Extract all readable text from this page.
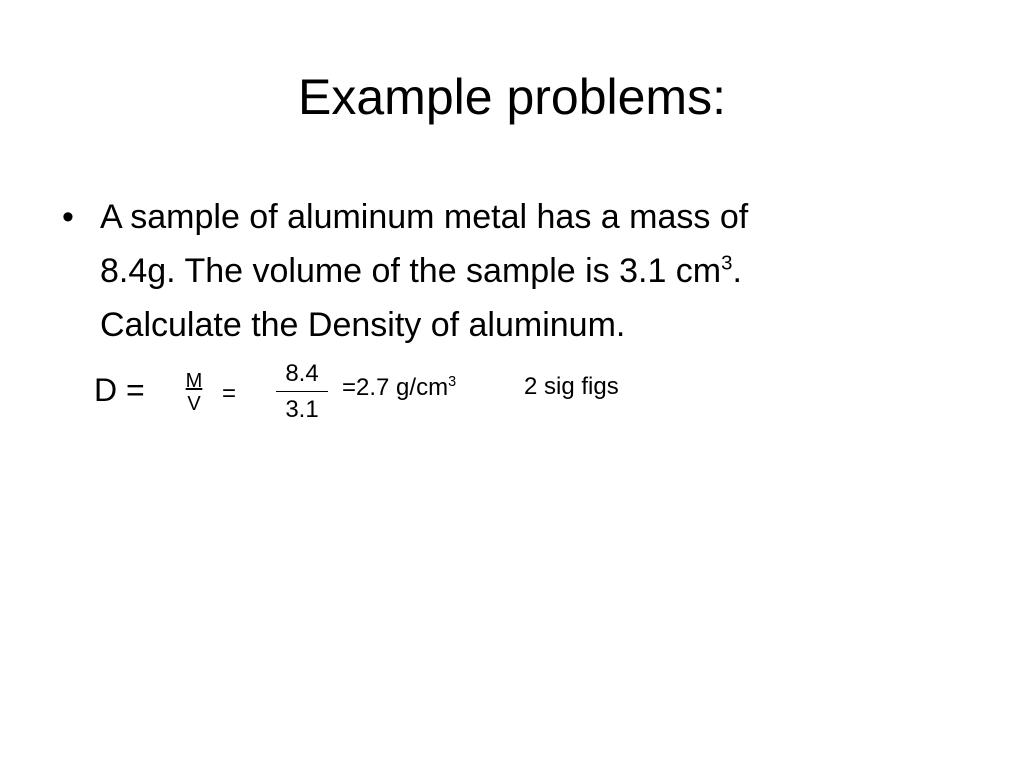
Example problems:
• A sample of aluminum metal has a mass of
8.4g. The volume of the sample is 3.1 $cm^3$.
Calculate the Density of aluminum.
$D = \frac{M}{V} = \frac{8.4}{3.1} =2.7$ $g/cm^3$	2 sig figs
